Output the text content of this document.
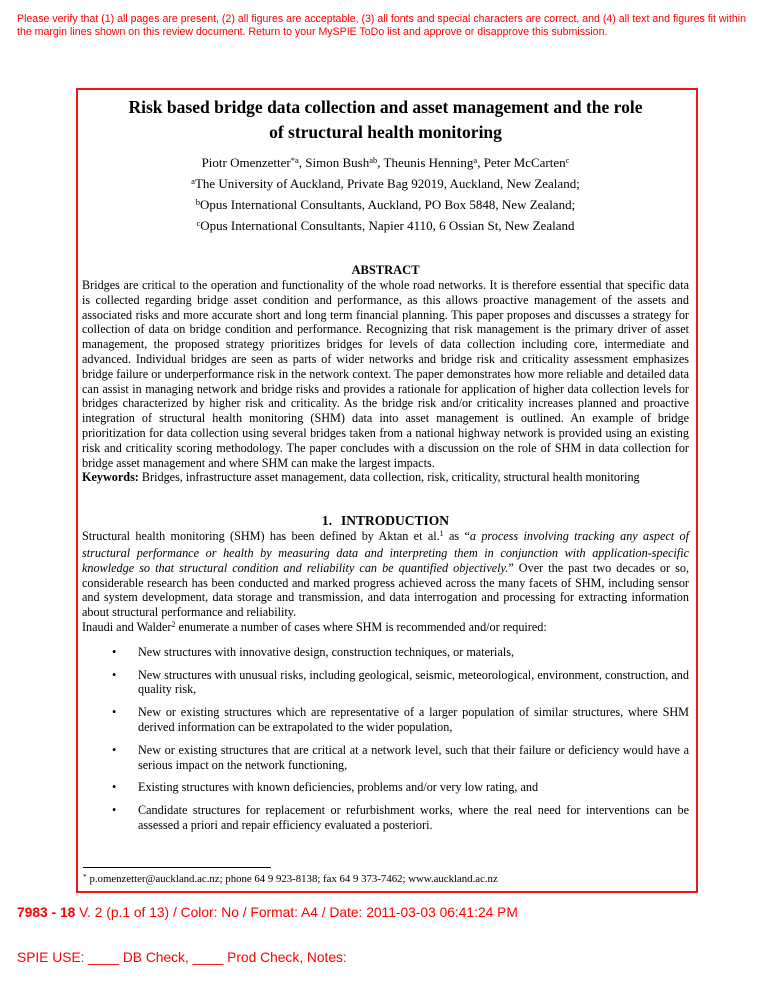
Please verify that (1) all pages are present, (2) all figures are acceptable, (3) all fonts and special characters are correct, and (4) all text and figures fit within the margin lines shown on this review document. Return to your MySPIE ToDo list and approve or disapprove this submission.
Risk based bridge data collection and asset management and the role
of structural health monitoring
Piotr Omenzetter$^{*a}$, Simon Bush$^{ab}$, Theunis Henning$^a$, Peter McCarten$^c$
$^a$The University of Auckland, Private Bag 92019, Auckland, New Zealand;
$^b$Opus International Consultants, Auckland, PO Box 5848, New Zealand;
$^c$Opus International Consultants, Napier 4110, 6 Ossian St, New Zealand
ABSTRACT

Bridges are critical to the operation and functionality of the whole road networks. It is therefore essential that specific data is collected regarding bridge asset condition and performance, as this allows proactive management of the assets and associated risks and more accurate short and long term financial planning. This paper proposes and discusses a strategy for collection of data on bridge condition and performance. Recognizing that risk management is the primary driver of asset management, the proposed strategy prioritizes bridges for levels of data collection including core, intermediate and advanced. Individual bridges are seen as parts of wider networks and bridge risk and criticality assessment emphasizes bridge failure or underperformance risk in the network context. The paper demonstrates how more reliable and detailed data can assist in managing network and bridge risks and provides a rationale for application of higher data collection levels for bridges characterized by higher risk and criticality. As the bridge risk and/or criticality increases planned and proactive integration of structural health monitoring (SHM) data into asset management is outlined. An example of bridge prioritization for data collection using several bridges taken from a national highway network is provided using an existing risk and criticality scoring methodology. The paper concludes with a discussion on the role of SHM in data collection for bridge asset management and where SHM can make the largest impacts.

Keywords: Bridges, infrastructure asset management, data collection, risk, criticality, structural health monitoring

1. INTRODUCTION

Structural health monitoring (SHM) has been defined by Aktan et al.$^1$ as “a process involving tracking any aspect of structural performance or health by measuring data and interpreting them in conjunction with application-specific knowledge so that structural condition and reliability can be quantified objectively.” Over the past two decades or so, considerable research has been conducted and marked progress achieved across the many facets of SHM, including sensor and system development, data storage and transmission, and data interrogation and processing for extracting information about structural performance and reliability.

Inaudi and Walder$^2$ enumerate a number of cases where SHM is recommended and/or required:

•	New structures with innovative design, construction techniques, or materials,
•	New structures with unusual risks, including geological, seismic, meteorological, environment, construction, and quality risk,
•	New or existing structures which are representative of a larger population of similar structures, where SHM derived information can be extrapolated to the wider population,
•	New or existing structures that are critical at a network level, such that their failure or deficiency would have a serious impact on the network functioning,
•	Existing structures with known deficiencies, problems and/or very low rating, and
•	Candidate structures for replacement or refurbishment works, where the real need for interventions can be assessed a priori and repair efficiency evaluated a posteriori.
* p.omenzetter@auckland.ac.nz; phone 64 9 923-8138; fax 64 9 373-7462; www.auckland.ac.nz
7983 - 18 V. 2 (p.1 of 13) / Color: No / Format: A4 / Date: 2011-03-03 06:41:24 PM
SPIE USE: ____ DB Check, ____ Prod Check, Notes:
